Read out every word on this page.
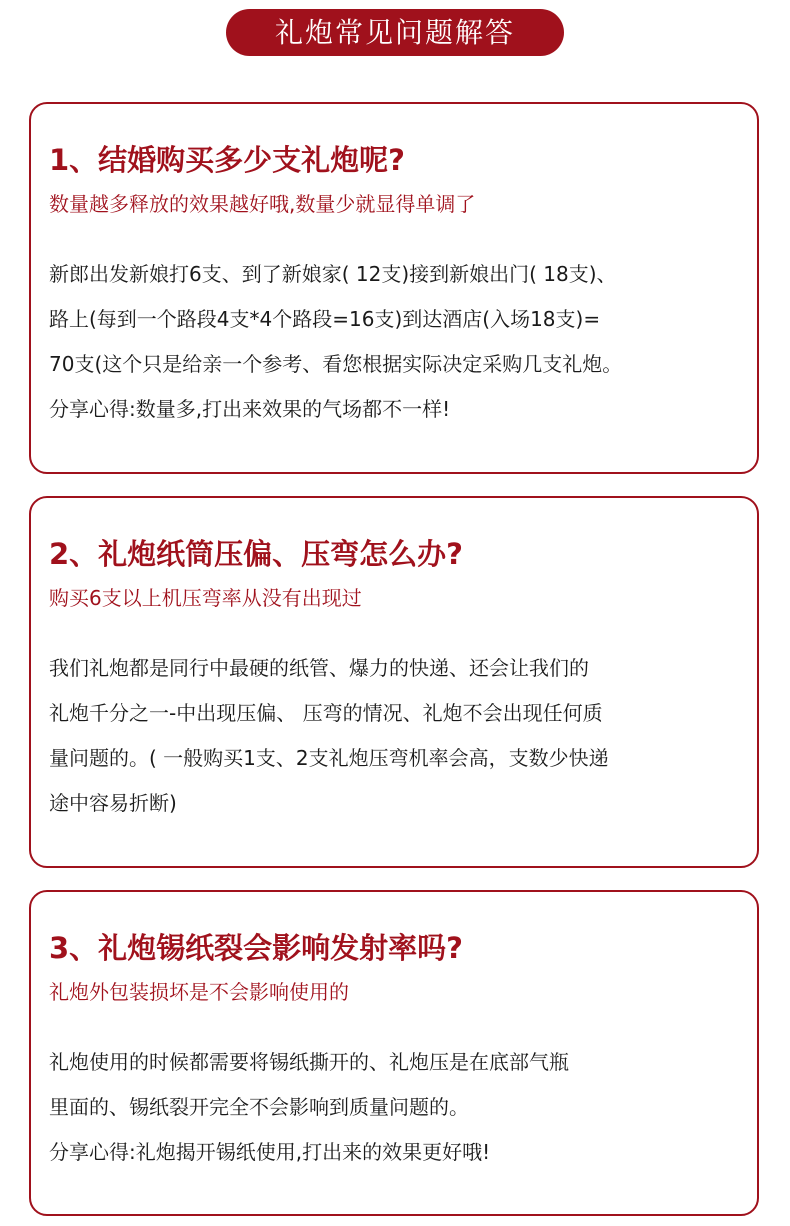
礼炮常见问题解答
1、结婚购买多少支礼炮呢?
数量越多释放的效果越好哦,数量少就显得单调了
新郎出发新娘打6支、到了新娘家( 12支)接到新娘出门( 18支)、
路上(每到一个路段4支*4个路段=16支)到达酒店(入场18支)=
70支(这个只是给亲一个参考、看您根据实际决定采购几支礼炮。
分享心得:数量多,打出来效果的气场都不一样!
2、礼炮纸筒压偏、压弯怎么办?
购买6支以上机压弯率从没有出现过
我们礼炮都是同行中最硬的纸管、爆力的快递、还会让我们的
礼炮千分之一-中出现压偏、 压弯的情况、礼炮不会出现任何质
量问题的。( 一般购买1支、2支礼炮压弯机率会高，支数少快递
途中容易折断)
3、礼炮锡纸裂会影响发射率吗?
礼炮外包装损坏是不会影响使用的
礼炮使用的时候都需要将锡纸撕开的、礼炮压是在底部气瓶
里面的、锡纸裂开完全不会影响到质量问题的。
分享心得:礼炮揭开锡纸使用,打出来的效果更好哦!
